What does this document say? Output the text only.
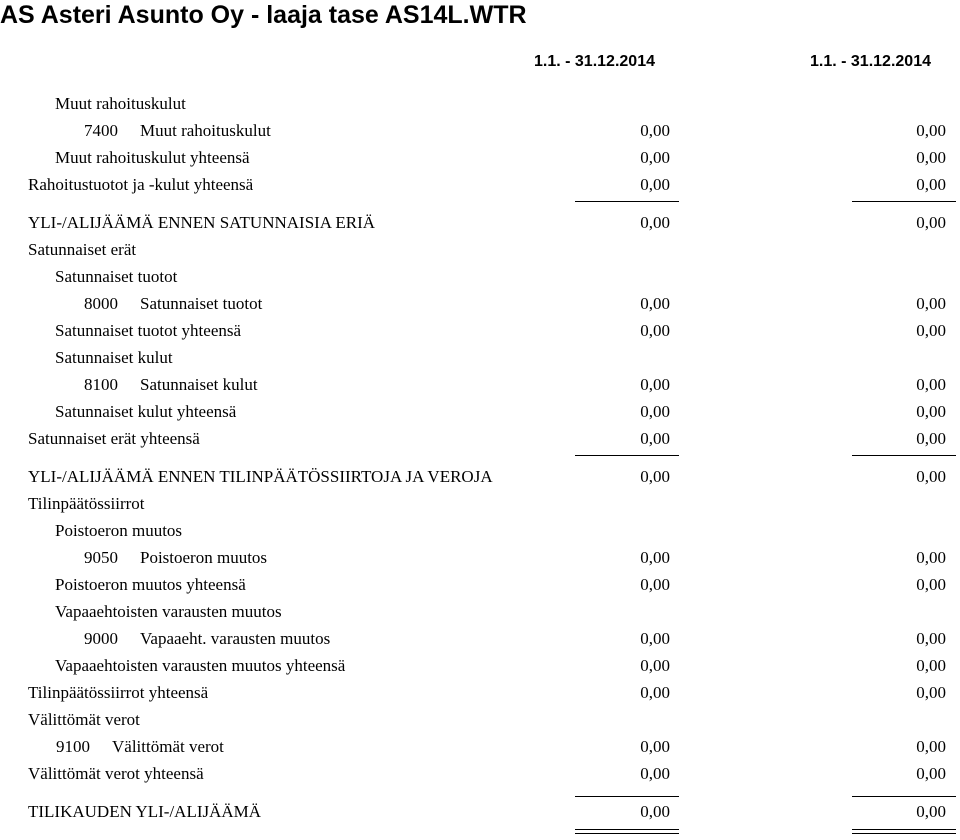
AS Asteri Asunto Oy - laaja tase AS14L.WTR
1.1. - 31.12.2014	1.1. - 31.12.2014
Muut rahoituskulut
7400 Muut rahoituskulut	0,00	0,00
Muut rahoituskulut yhteensä	0,00	0,00
Rahoitustuotot ja -kulut yhteensä	0,00	0,00
YLI-/ALIJÄÄMÄ ENNEN SATUNNAISIA ERIÄ	0,00	0,00
Satunnaiset erät
Satunnaiset tuotot
8000 Satunnaiset tuotot	0,00	0,00
Satunnaiset tuotot yhteensä	0,00	0,00
Satunnaiset kulut
8100 Satunnaiset kulut	0,00	0,00
Satunnaiset kulut yhteensä	0,00	0,00
Satunnaiset erät yhteensä	0,00	0,00
YLI-/ALIJÄÄMÄ ENNEN TILINPÄÄTÖSSIIRTOJA JA VEROJA	0,00	0,00
Tilinpäätössiirrot
Poistoeron muutos
9050 Poistoeron muutos	0,00	0,00
Poistoeron muutos yhteensä	0,00	0,00
Vapaaehtoisten varausten muutos
9000 Vapaaeht. varausten muutos	0,00	0,00
Vapaaehtoisten varausten muutos yhteensä	0,00	0,00
Tilinpäätössiirrot yhteensä	0,00	0,00
Välittömät verot
9100 Välittömät verot	0,00	0,00
Välittömät verot yhteensä	0,00	0,00
TILIKAUDEN YLI-/ALIJÄÄMÄ	0,00	0,00
